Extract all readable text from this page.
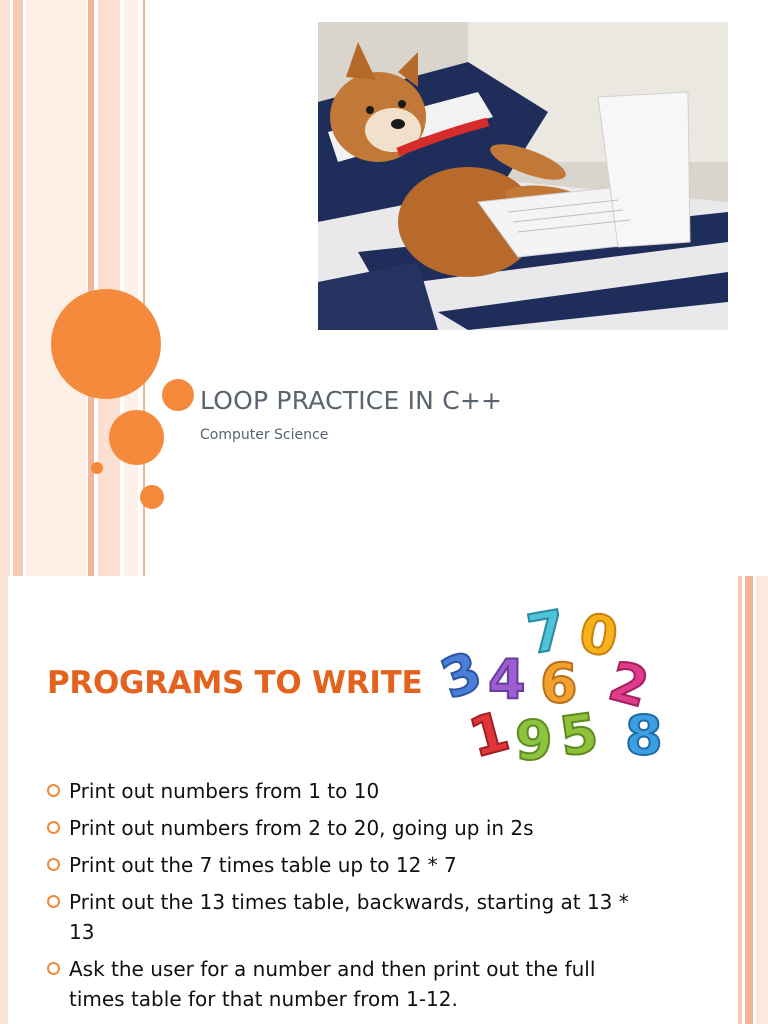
LOOP PRACTICE IN C++
Computer Science
PROGRAMS TO WRITE
7 0
3
4 6 2
1 9 5 8
Print out numbers from 1 to 10
Print out numbers from 2 to 20, going up in 2s
Print out the 7 times table up to 12 * 7
Print out the 13 times table, backwards, starting at 13 * 13
Ask the user for a number and then print out the full times table for that number from 1-12.
